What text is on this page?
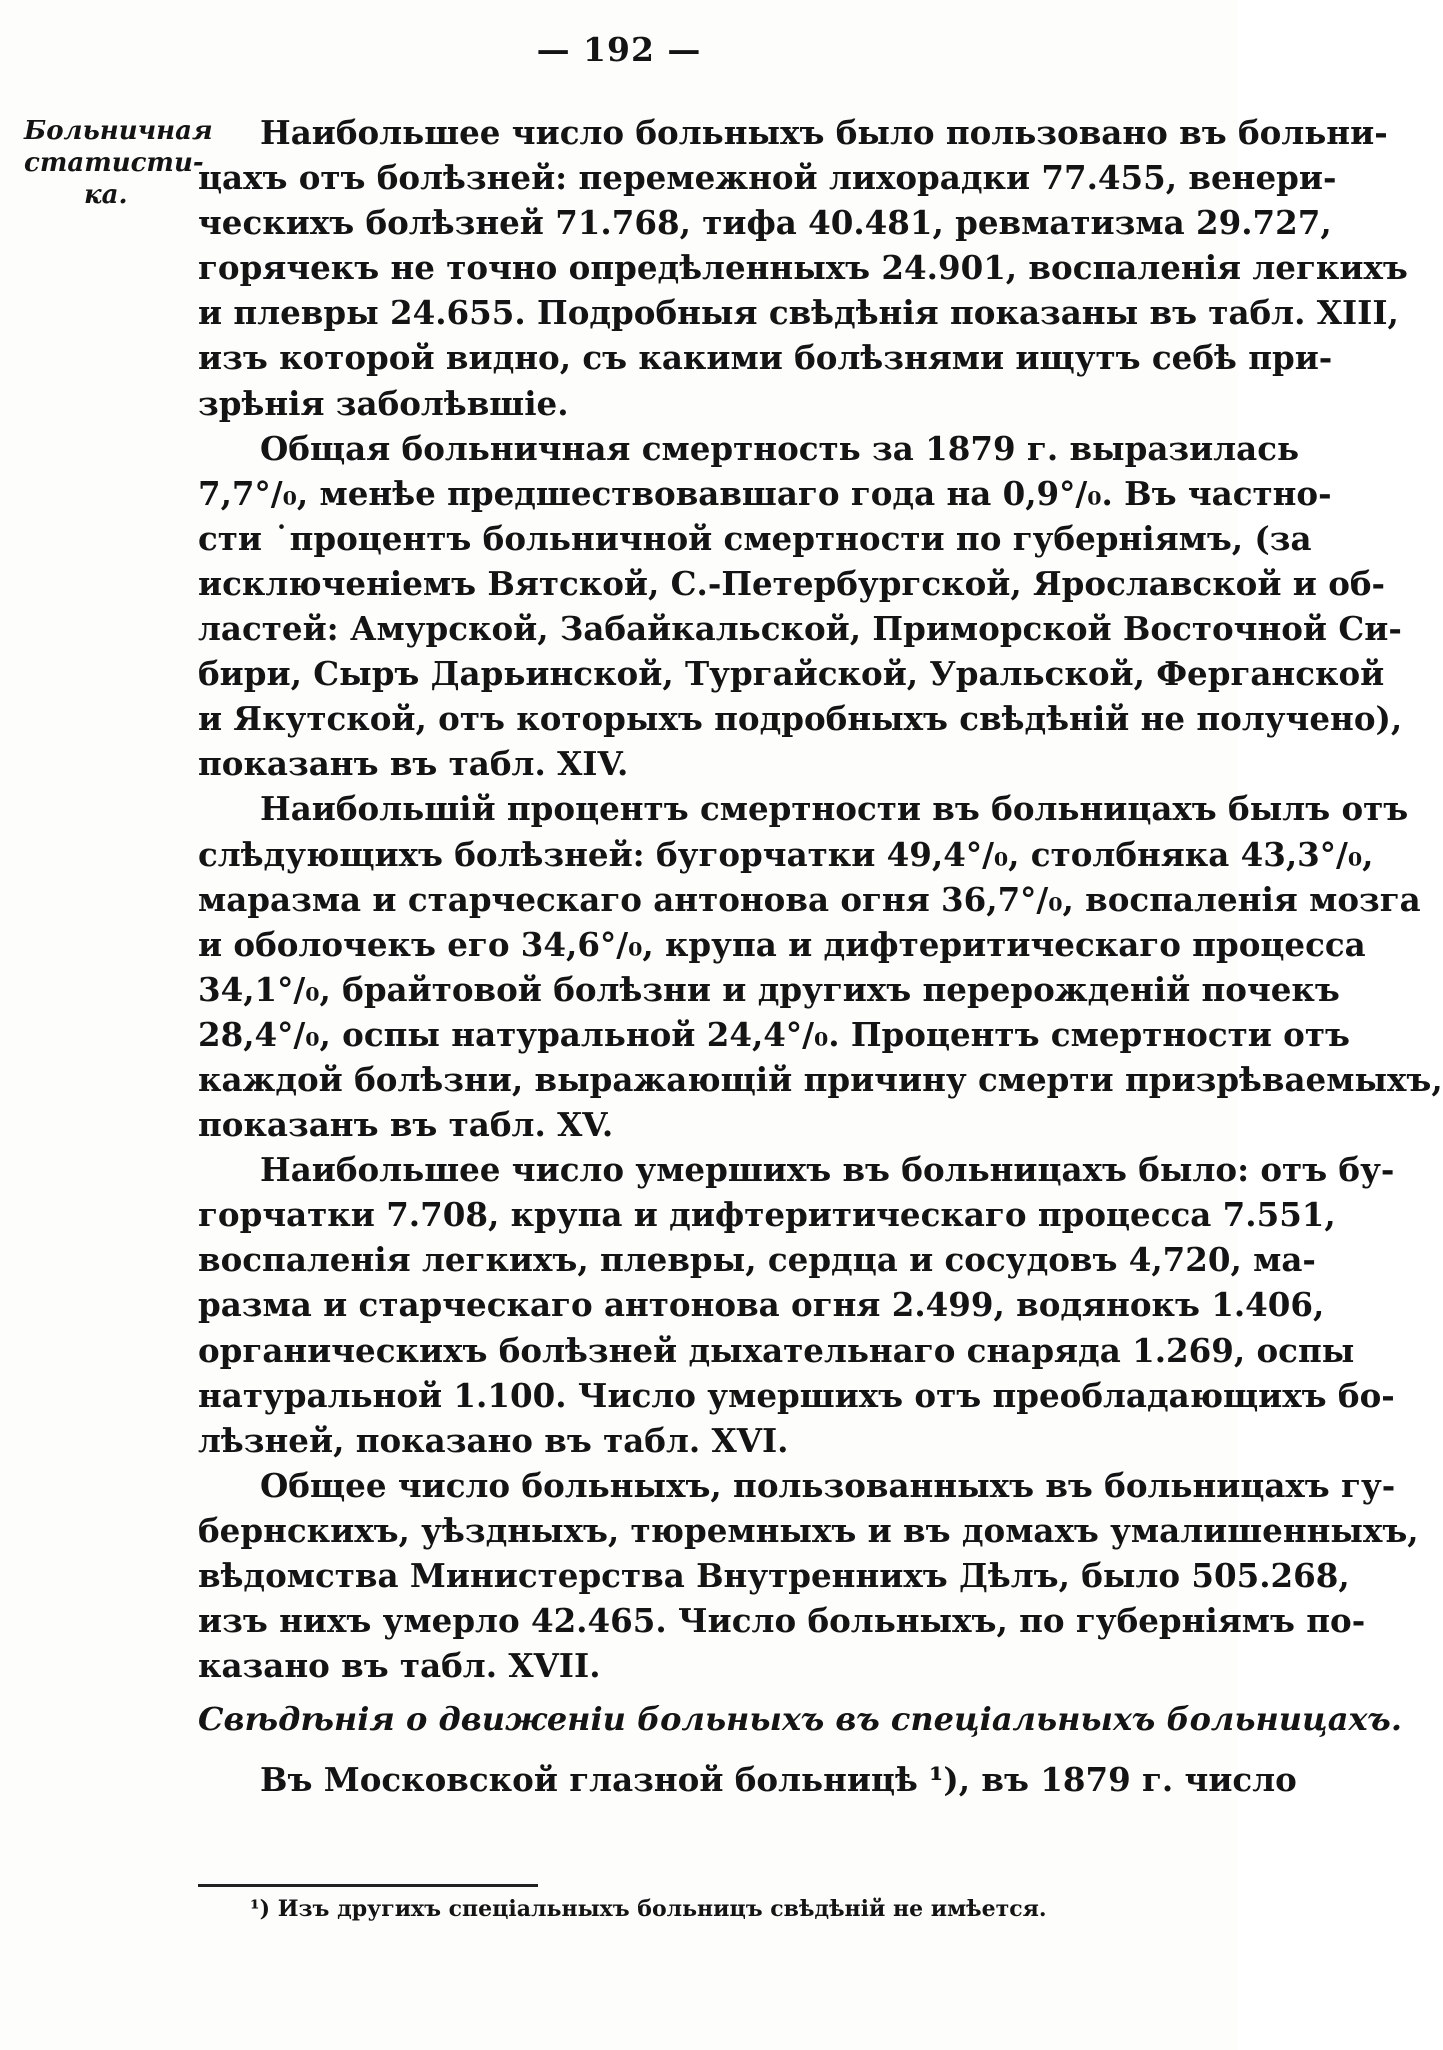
— 192 —
Больничная
статисти-
ка.
Наибольшее число больныхъ было пользовано въ больни-
цахъ отъ болѣзней: перемежной лихорадки 77.455, венери-
ческихъ болѣзней 71.768, тифа 40.481, ревматизма 29.727,
горячекъ не точно опредѣленныхъ 24.901, воспаленія легкихъ
и плевры 24.655. Подробныя свѣдѣнія показаны въ табл. XIII,
изъ которой видно, съ какими болѣзнями ищутъ себѣ при-
зрѣнія заболѣвшіе.
Общая больничная смертность за 1879 г. выразилась
7,7°/₀, менѣе предшествовавшаго года на 0,9°/₀. Въ частно-
сти ˙процентъ больничной смертности по губерніямъ, (за
исключеніемъ Вятской, С.-Петербургской, Ярославской и об-
ластей: Амурской, Забайкальской, Приморской Восточной Си-
бири, Сыръ Дарьинской, Тургайской, Уральской, Ферганской
и Якутской, отъ которыхъ подробныхъ свѣдѣній не получено),
показанъ въ табл. XIV.
Наибольшій процентъ смертности въ больницахъ былъ отъ
слѣдующихъ болѣзней: бугорчатки 49,4°/₀, столбняка 43,3°/₀,
маразма и старческаго антонова огня 36,7°/₀, воспаленія мозга
и оболочекъ его 34,6°/₀, крупа и дифтеритическаго процесса
34,1°/₀, брайтовой болѣзни и другихъ перерожденій почекъ
28,4°/₀, оспы натуральной 24,4°/₀. Процентъ смертности отъ
каждой болѣзни, выражающій причину смерти призрѣваемыхъ,
показанъ въ табл. XV.
Наибольшее число умершихъ въ больницахъ было: отъ бу-
горчатки 7.708, крупа и дифтеритическаго процесса 7.551,
воспаленія легкихъ, плевры, сердца и сосудовъ 4,720, ма-
разма и старческаго антонова огня 2.499, водянокъ 1.406,
органическихъ болѣзней дыхательнаго снаряда 1.269, оспы
натуральной 1.100. Число умершихъ отъ преобладающихъ бо-
лѣзней, показано въ табл. XVI.
Общее число больныхъ, пользованныхъ въ больницахъ гу-
бернскихъ, уѣздныхъ, тюремныхъ и въ домахъ умалишенныхъ,
вѣдомства Министерства Внутреннихъ Дѣлъ, было 505.268,
изъ нихъ умерло 42.465. Число больныхъ, по губерніямъ по-
казано въ табл. XVII.
Свѣдѣнія о движеніи больныхъ въ спеціальныхъ больницахъ.
Въ Московской глазной больницѣ ¹), въ 1879 г. число
¹) Изъ другихъ спеціальныхъ больницъ свѣдѣній не имѣется.
